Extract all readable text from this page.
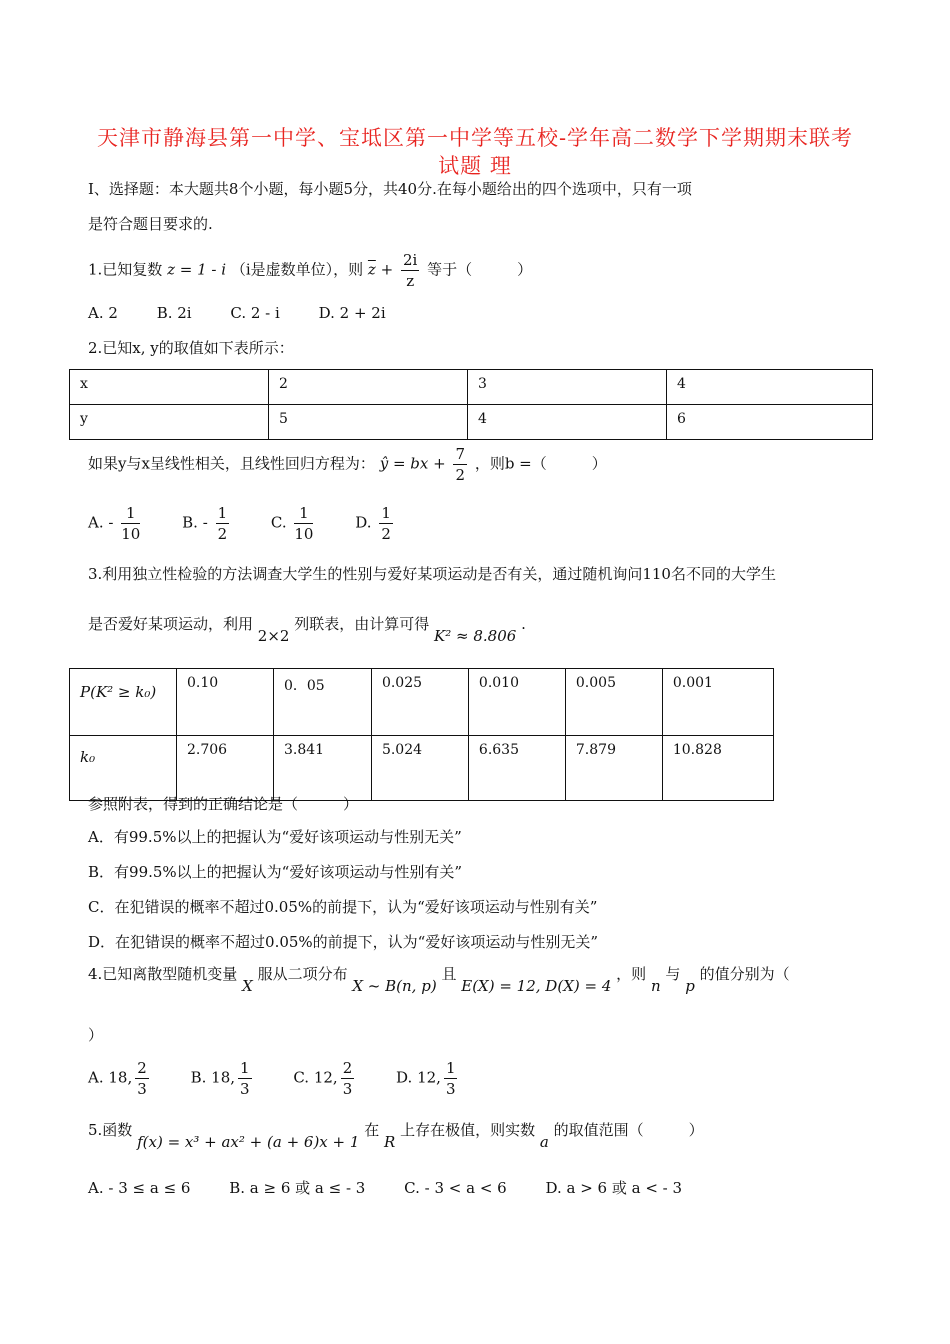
天津市静海县第一中学、宝坻区第一中学等五校-学年高二数学下学期期末联考
试题 理
I、选择题：本大题共8个小题，每小题5分，共40分.在每小题给出的四个选项中，只有一项
是符合题目要求的.
1.已知复数 z = 1 - i （i是虚数单位），则 $\overline{z} + \frac{2i}{z}$ 等于（　　　）
A. 2	B. 2i	C. 2 - i	D. 2 + 2i
2.已知x, y的取值如下表所示：
x	2	3	4
y	5	4	6
如果y与x呈线性相关，且线性回归方程为： ŷ = bx + $\frac{7}{2}$ ，则b =（　　　）
A. - $\frac{1}{10}$	B. - $\frac{1}{2}$	C. $\frac{1}{10}$	D. $\frac{1}{2}$
3.利用独立性检验的方法调查大学生的性别与爱好某项运动是否有关，通过随机询问110名不同的大学生
是否爱好某项运动，利用 2×2 列联表，由计算可得 K² ≈ 8.806 .
P(K² ≥ k₀)	0.10	0．05	0.025	0.010	0.005	0.001
k₀	2.706	3.841	5.024	6.635	7.879	10.828
参照附表，得到的正确结论是（　　　）
A．有99.5%以上的把握认为“爱好该项运动与性别无关”
B．有99.5%以上的把握认为“爱好该项运动与性别有关”
C．在犯错误的概率不超过0.05%的前提下，认为“爱好该项运动与性别有关”
D．在犯错误的概率不超过0.05%的前提下，认为“爱好该项运动与性别无关”
4.已知离散型随机变量 X 服从二项分布 X ~ B(n, p) 且 E(X) = 12, D(X) = 4 ，则 n 与 p 的值分别为（
）
A. 18, $\frac{2}{3}$	B. 18, $\frac{1}{3}$	C. 12, $\frac{2}{3}$	D. 12, $\frac{1}{3}$
5.函数 f(x) = x³ + ax² + (a + 6)x + 1 在 R 上存在极值，则实数 a 的取值范围（　　　）
A. - 3 ≤ a ≤ 6	B. a ≥ 6 或 a ≤ - 3	C. - 3 < a < 6	D. a > 6 或 a < - 3
